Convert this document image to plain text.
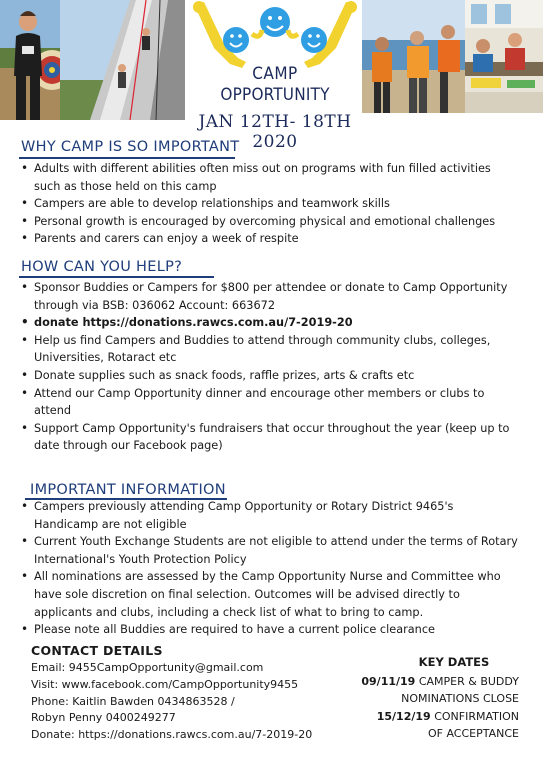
CAMP
OPPORTUNITY
JAN 12TH- 18TH 2020
WHY CAMP IS SO IMPORTANT
• Adults with different abilities often miss out on programs with fun filled activities such as those held on this camp
• Campers are able to develop relationships and teamwork skills
• Personal growth is encouraged by overcoming physical and emotional challenges
• Parents and carers can enjoy a week of respite
HOW CAN YOU HELP?
• Sponsor Buddies or Campers for $800 per attendee or donate to Camp Opportunity through via BSB: 036062 Account: 663672
• donate https://donations.rawcs.com.au/7-2019-20
• Help us find Campers and Buddies to attend through community clubs, colleges, Universities, Rotaract etc
• Donate supplies such as snack foods, raffle prizes, arts & crafts etc
• Attend our Camp Opportunity dinner and encourage other members or clubs to attend
• Support Camp Opportunity's fundraisers that occur throughout the year (keep up to date through our Facebook page)
IMPORTANT INFORMATION
• Campers previously attending Camp Opportunity or Rotary District 9465's Handicamp are not eligible
• Current Youth Exchange Students are not eligible to attend under the terms of Rotary International's Youth Protection Policy
• All nominations are assessed by the Camp Opportunity Nurse and Committee who have sole discretion on final selection. Outcomes will be advised directly to applicants and clubs, including a check list of what to bring to camp.
• Please note all Buddies are required to have a current police clearance
CONTACT DETAILS
Email: 9455CampOpportunity@gmail.com
Visit: www.facebook.com/CampOpportunity9455
Phone: Kaitlin Bawden 0434863528 /
Robyn Penny 0400249277
Donate: https://donations.rawcs.com.au/7-2019-20
KEY DATES
09/11/19 CAMPER & BUDDY
NOMINATIONS CLOSE
15/12/19 CONFIRMATION
OF ACCEPTANCE
